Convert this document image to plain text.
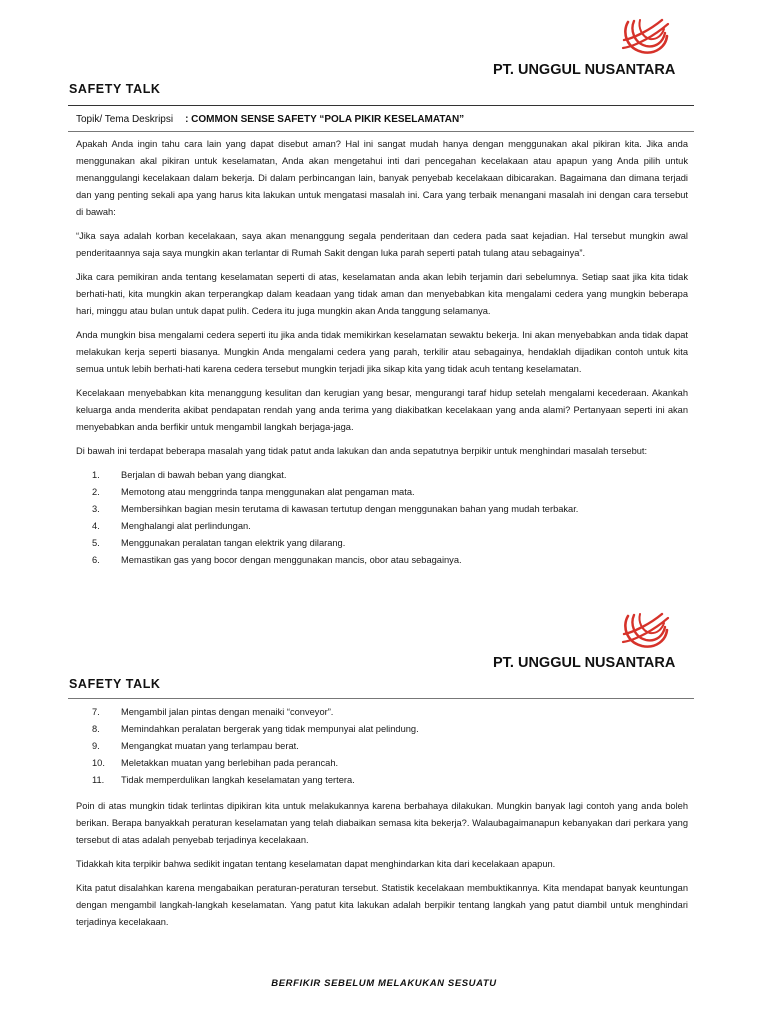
PT. UNGGUL NUSANTARA
SAFETY TALK
Topik/ Tema Deskripsi : COMMON SENSE SAFETY “POLA PIKIR KESELAMATAN”

Apakah Anda ingin tahu cara lain yang dapat disebut aman? Hal ini sangat mudah hanya dengan menggunakan akal pikiran kita. Jika anda menggunakan akal pikiran untuk keselamatan, Anda akan mengetahui inti dari pencegahan kecelakaan atau apapun yang Anda pilih untuk menanggulangi kecelakaan dalam bekerja. Di dalam perbincangan lain, banyak penyebab kecelakaan dibicarakan. Bagaimana dan dimana terjadi dan yang penting sekali apa yang harus kita lakukan untuk mengatasi masalah ini. Cara yang terbaik menangani masalah ini dengan cara tersebut di bawah:

“Jika saya adalah korban kecelakaan, saya akan menanggung segala penderitaan dan cedera pada saat kejadian. Hal tersebut mungkin awal penderitaannya saja saya mungkin akan terlantar di Rumah Sakit dengan luka parah seperti patah tulang atau sebagainya”.

Jika cara pemikiran anda tentang keselamatan seperti di atas, keselamatan anda akan lebih terjamin dari sebelumnya. Setiap saat jika kita tidak berhati-hati, kita mungkin akan terperangkap dalam keadaan yang tidak aman dan menyebabkan kita mengalami cedera yang mungkin beberapa hari, minggu atau bulan untuk dapat pulih. Cedera itu juga mungkin akan Anda tanggung selamanya.

Anda mungkin bisa mengalami cedera seperti itu jika anda tidak memikirkan keselamatan sewaktu bekerja. Ini akan menyebabkan anda tidak dapat melakukan kerja seperti biasanya. Mungkin Anda mengalami cedera yang parah, terkilir atau sebagainya, hendaklah dijadikan contoh untuk kita semua untuk lebih berhati-hati karena cedera tersebut mungkin terjadi jika sikap kita yang tidak acuh tentang keselamatan.

Kecelakaan menyebabkan kita menanggung kesulitan dan kerugian yang besar, mengurangi taraf hidup setelah mengalami kecederaan. Akankah keluarga anda menderita akibat pendapatan rendah yang anda terima yang diakibatkan kecelakaan yang anda alami? Pertanyaan seperti ini akan menyebabkan anda berfikir untuk mengambil langkah berjaga-jaga.

Di bawah ini terdapat beberapa masalah yang tidak patut anda lakukan dan anda sepatutnya berpikir untuk menghindari masalah tersebut:

1.	Berjalan di bawah beban yang diangkat.
2.	Memotong atau menggrinda tanpa menggunakan alat pengaman mata.
3.	Membersihkan bagian mesin terutama di kawasan tertutup dengan menggunakan bahan yang mudah terbakar.
4.	Menghalangi alat perlindungan.
5.	Menggunakan peralatan tangan elektrik yang dilarang.
6.	Memastikan gas yang bocor dengan menggunakan mancis, obor atau sebagainya.
PT. UNGGUL NUSANTARA
SAFETY TALK
7.	Mengambil jalan pintas dengan menaiki “conveyor”.
8.	Memindahkan peralatan bergerak yang tidak mempunyai alat pelindung.
9.	Mengangkat muatan yang terlampau berat.
10.	Meletakkan muatan yang berlebihan pada perancah.
11.	Tidak memperdulikan langkah keselamatan yang tertera.

Poin di atas mungkin tidak terlintas dipikiran kita untuk melakukannya karena berbahaya dilakukan. Mungkin banyak lagi contoh yang anda boleh berikan. Berapa banyakkah peraturan keselamatan yang telah diabaikan semasa kita bekerja?. Walaubagaimanapun kebanyakan dari perkara yang tersebut di atas adalah penyebab terjadinya kecelakaan.

Tidakkah kita terpikir bahwa sedikit ingatan tentang keselamatan dapat menghindarkan kita dari kecelakaan apapun.

Kita patut disalahkan karena mengabaikan peraturan-peraturan tersebut. Statistik kecelakaan membuktikannya. Kita mendapat banyak keuntungan dengan mengambil langkah-langkah keselamatan. Yang patut kita lakukan adalah berpikir tentang langkah yang patut diambil untuk menghindari terjadinya kecelakaan.

BERFIKIR SEBELUM MELAKUKAN SESUATU
